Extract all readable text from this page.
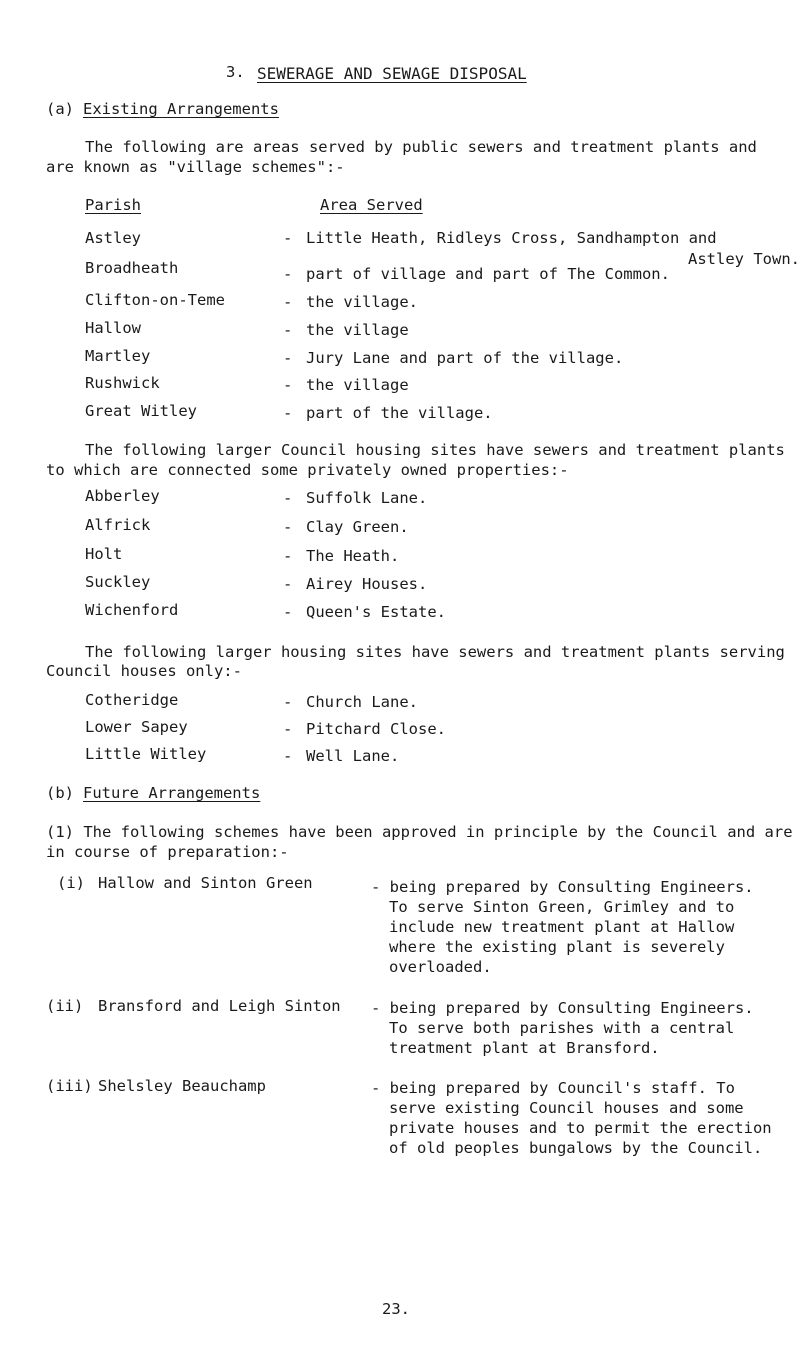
3. SEWERAGE AND SEWAGE DISPOSAL
(a) Existing Arrangements
The following are areas served by public sewers and treatment plants and
are known as "village schemes":-
Parish	Area Served
Astley	- Little Heath, Ridleys Cross, Sandhampton and
Astley Town.
Broadheath	- part of village and part of The Common.
Clifton-on-Teme	- the village.
Hallow	- the village
Martley	- Jury Lane and part of the village.
Rushwick	- the village
Great Witley	- part of the village.
The following larger Council housing sites have sewers and treatment plants
to which are connected some privately owned properties:-
Abberley	- Suffolk Lane.
Alfrick	- Clay Green.
Holt	- The Heath.
Suckley	- Airey Houses.
Wichenford	- Queen's Estate.
The following larger housing sites have sewers and treatment plants serving
Council houses only:-
Cotheridge	- Church Lane.
Lower Sapey	- Pitchard Close.
Little Witley	- Well Lane.
(b) Future Arrangements
(1) The following schemes have been approved in principle by the Council and are
in course of preparation:-
(i) Hallow and Sinton Green	- being prepared by Consulting Engineers.
To serve Sinton Green, Grimley and to
include new treatment plant at Hallow
where the existing plant is severely
overloaded.
(ii) Bransford and Leigh Sinton - being prepared by Consulting Engineers.
To serve both parishes with a central
treatment plant at Bransford.
(iii) Shelsley Beauchamp	- being prepared by Council's staff. To
serve existing Council houses and some
private houses and to permit the erection
of old peoples bungalows by the Council.
23.
